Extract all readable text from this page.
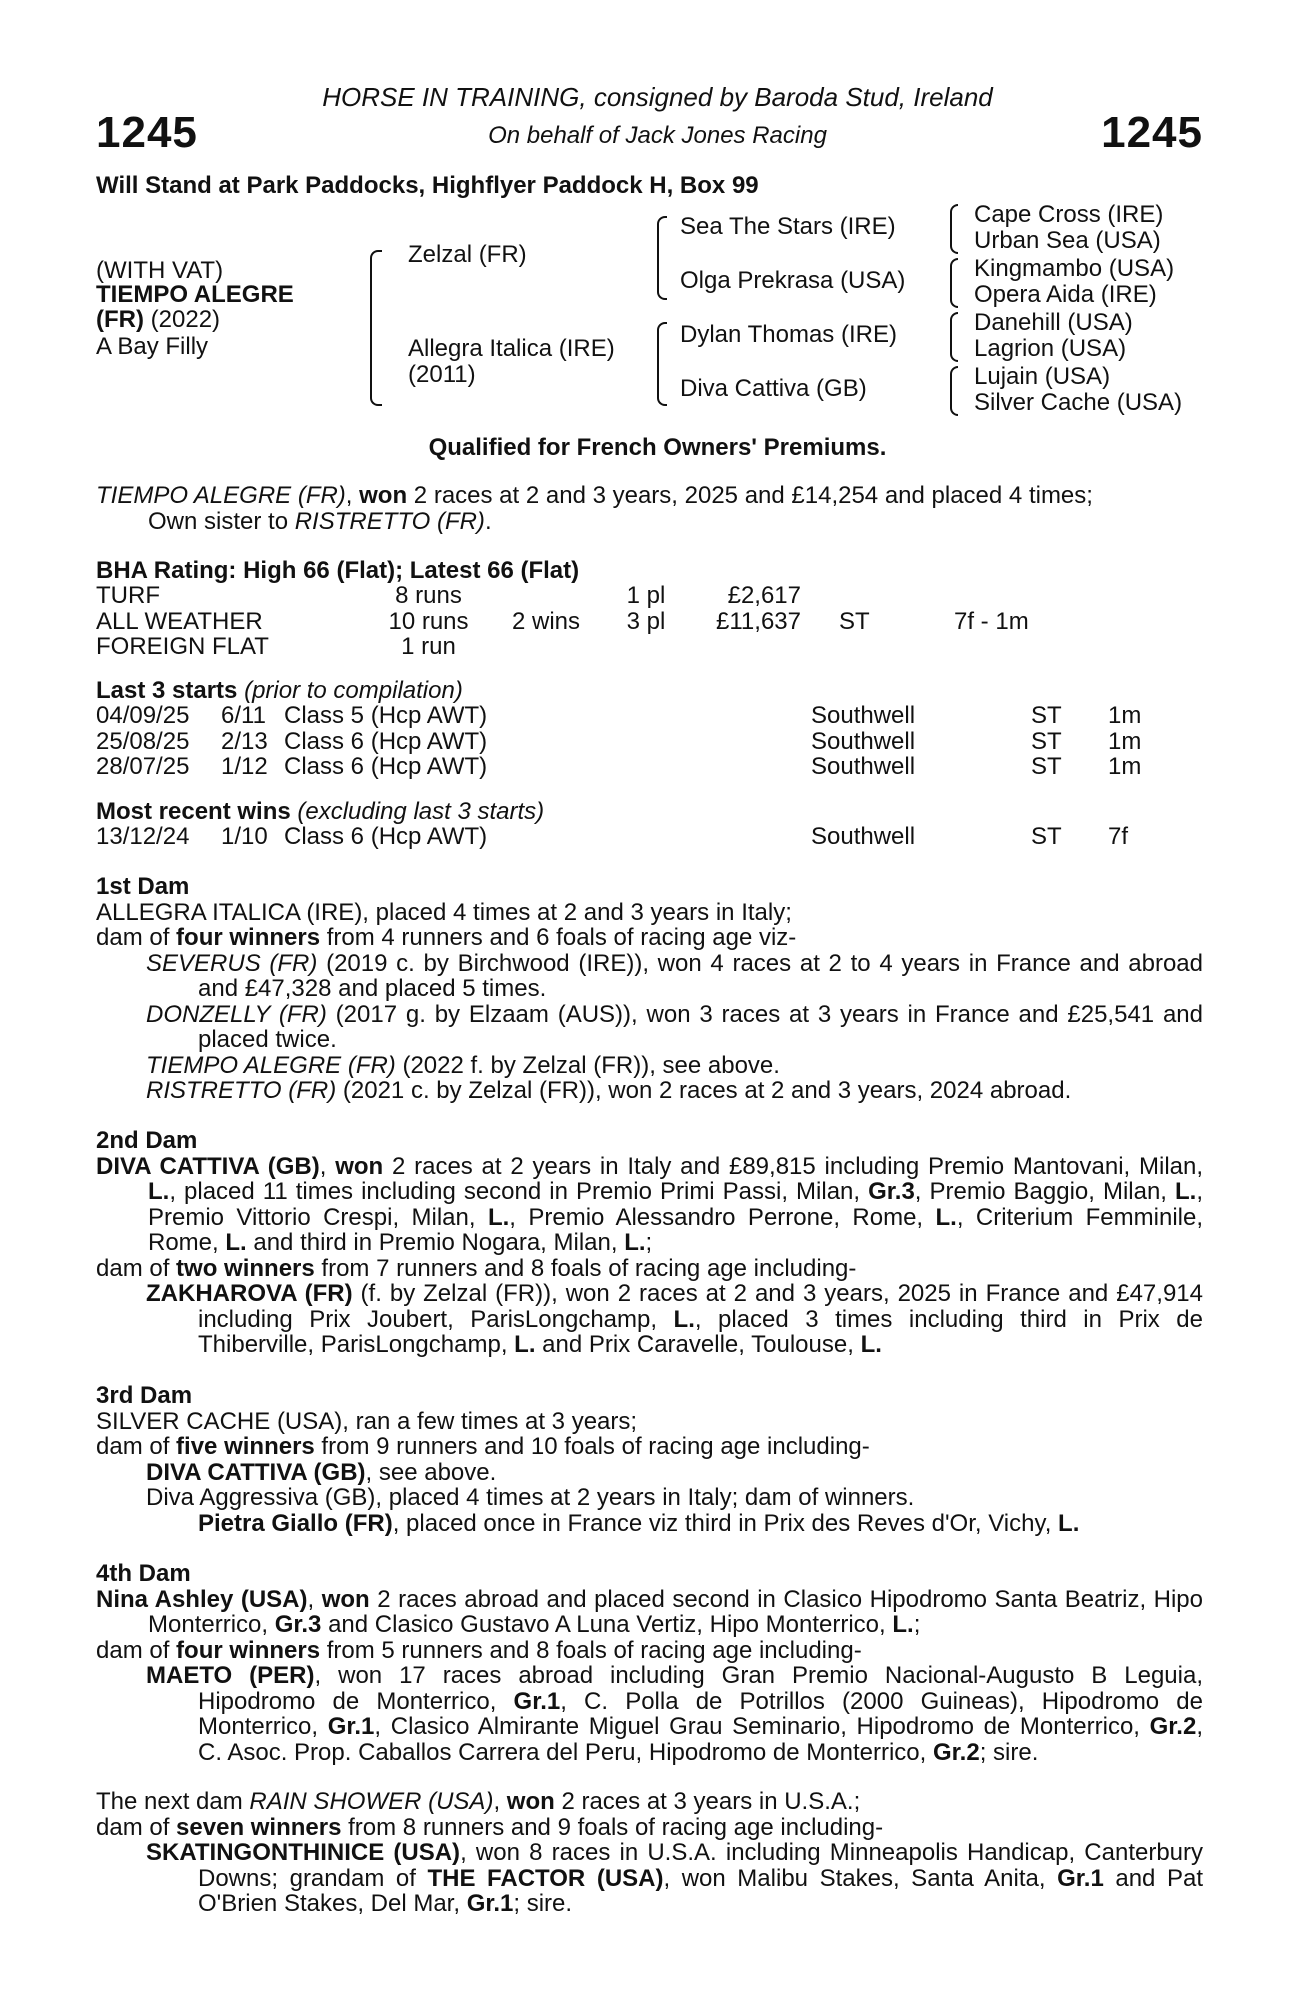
1245	1245
HORSE IN TRAINING, consigned by Baroda Stud, Ireland
On behalf of Jack Jones Racing
Will Stand at Park Paddocks, Highflyer Paddock H, Box 99
(WITH VAT)
TIEMPO ALEGRE
(FR) (2022)
A Bay Filly
Zelzal (FR)
Allegra Italica (IRE)
(2011)
Sea The Stars (IRE)
Olga Prekrasa (USA)
Dylan Thomas (IRE)
Diva Cattiva (GB)
Cape Cross (IRE)
Urban Sea (USA)
Kingmambo (USA)
Opera Aida (IRE)
Danehill (USA)
Lagrion (USA)
Lujain (USA)
Silver Cache (USA)
Qualified for French Owners' Premiums.

TIEMPO ALEGRE (FR), won 2 races at 2 and 3 years, 2025 and £14,254 and placed 4 times;

Own sister to RISTRETTO (FR).

BHA Rating: High 66 (Flat); Latest 66 (Flat)
TURF	8 runs		1 pl	£2,617		
ALL WEATHER	10 runs	2 wins	3 pl	£11,637	ST	7f - 1m
FOREIGN FLAT	1 run					
Last 3 starts (prior to compilation)
04/09/25	6/11	Class 5 (Hcp AWT)	Southwell	ST	1m
25/08/25	2/13	Class 6 (Hcp AWT)	Southwell	ST	1m
28/07/25	1/12	Class 6 (Hcp AWT)	Southwell	ST	1m
Most recent wins (excluding last 3 starts)
13/12/24	1/10	Class 6 (Hcp AWT)	Southwell	ST	7f

1st Dam

ALLEGRA ITALICA (IRE), placed 4 times at 2 and 3 years in Italy;

dam of four winners from 4 runners and 6 foals of racing age viz-

SEVERUS (FR) (2019 c. by Birchwood (IRE)), won 4 races at 2 to 4 years in France and abroad and £47,328 and placed 5 times.

DONZELLY (FR) (2017 g. by Elzaam (AUS)), won 3 races at 3 years in France and £25,541 and placed twice.

TIEMPO ALEGRE (FR) (2022 f. by Zelzal (FR)), see above.

RISTRETTO (FR) (2021 c. by Zelzal (FR)), won 2 races at 2 and 3 years, 2024 abroad.

2nd Dam

DIVA CATTIVA (GB), won 2 races at 2 years in Italy and £89,815 including Premio Mantovani, Milan, L., placed 11 times including second in Premio Primi Passi, Milan, Gr.3, Premio Baggio, Milan, L., Premio Vittorio Crespi, Milan, L., Premio Alessandro Perrone, Rome, L., Criterium Femminile, Rome, L. and third in Premio Nogara, Milan, L.;

dam of two winners from 7 runners and 8 foals of racing age including-

ZAKHAROVA (FR) (f. by Zelzal (FR)), won 2 races at 2 and 3 years, 2025 in France and £47,914 including Prix Joubert, ParisLongchamp, L., placed 3 times including third in Prix de Thiberville, ParisLongchamp, L. and Prix Caravelle, Toulouse, L.

3rd Dam

SILVER CACHE (USA), ran a few times at 3 years;

dam of five winners from 9 runners and 10 foals of racing age including-

DIVA CATTIVA (GB), see above.

Diva Aggressiva (GB), placed 4 times at 2 years in Italy; dam of winners.

Pietra Giallo (FR), placed once in France viz third in Prix des Reves d'Or, Vichy, L.

4th Dam

Nina Ashley (USA), won 2 races abroad and placed second in Clasico Hipodromo Santa Beatriz, Hipo Monterrico, Gr.3 and Clasico Gustavo A Luna Vertiz, Hipo Monterrico, L.;

dam of four winners from 5 runners and 8 foals of racing age including-

MAETO (PER), won 17 races abroad including Gran Premio Nacional-Augusto B Leguia, Hipodromo de Monterrico, Gr.1, C. Polla de Potrillos (2000 Guineas), Hipodromo de Monterrico, Gr.1, Clasico Almirante Miguel Grau Seminario, Hipodromo de Monterrico, Gr.2, C. Asoc. Prop. Caballos Carrera del Peru, Hipodromo de Monterrico, Gr.2; sire.

The next dam RAIN SHOWER (USA), won 2 races at 3 years in U.S.A.;

dam of seven winners from 8 runners and 9 foals of racing age including-

SKATINGONTHINICE (USA), won 8 races in U.S.A. including Minneapolis Handicap, Canterbury Downs; grandam of THE FACTOR (USA), won Malibu Stakes, Santa Anita, Gr.1 and Pat O'Brien Stakes, Del Mar, Gr.1; sire.
